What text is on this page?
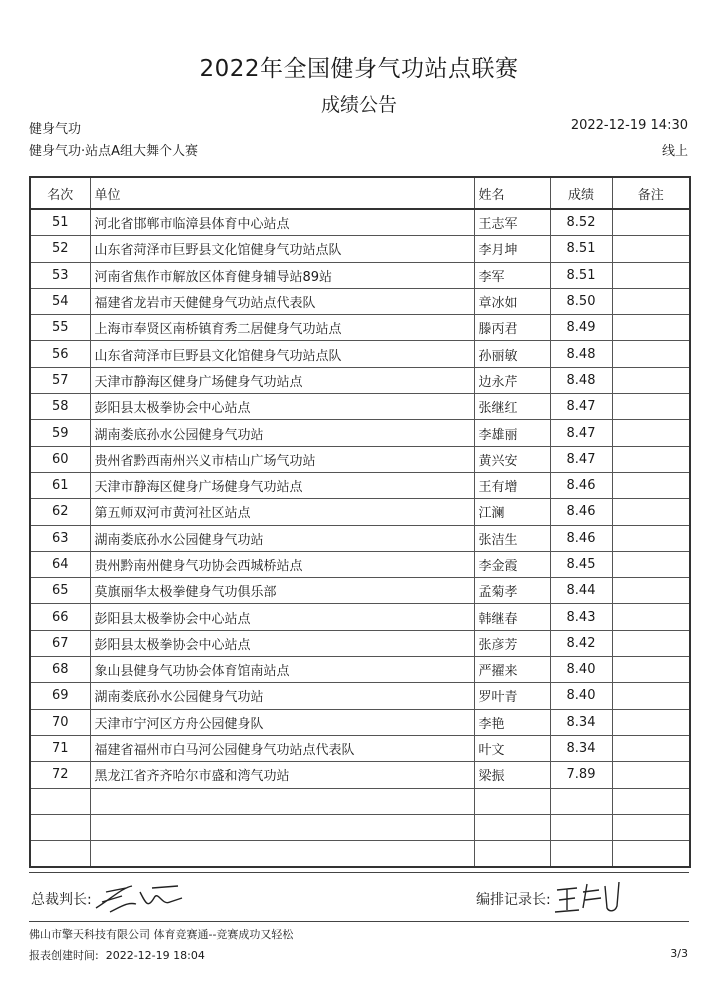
2022年全国健身气功站点联赛
成绩公告
健身气功	2022-12-19 14:30
健身气功·站点A组大舞个人赛	线上
名次	单位	姓名	成绩	备注
51	河北省邯郸市临漳县体育中心站点	王志军	8.52	
52	山东省菏泽市巨野县文化馆健身气功站点队	李月坤	8.51	
53	河南省焦作市解放区体育健身辅导站89站	李军	8.51	
54	福建省龙岩市天健健身气功站点代表队	章冰如	8.50	
55	上海市奉贤区南桥镇育秀二居健身气功站点	滕丙君	8.49	
56	山东省菏泽市巨野县文化馆健身气功站点队	孙丽敏	8.48	
57	天津市静海区健身广场健身气功站点	边永芹	8.48	
58	彭阳县太极拳协会中心站点	张继红	8.47	
59	湖南娄底孙水公园健身气功站	李雄丽	8.47	
60	贵州省黔西南州兴义市桔山广场气功站	黄兴安	8.47	
61	天津市静海区健身广场健身气功站点	王有增	8.46	
62	第五师双河市黄河社区站点	江澜	8.46	
63	湖南娄底孙水公园健身气功站	张洁生	8.46	
64	贵州黔南州健身气功协会西城桥站点	李金霞	8.45	
65	莫旗丽华太极拳健身气功俱乐部	孟菊孝	8.44	
66	彭阳县太极拳协会中心站点	韩继春	8.43	
67	彭阳县太极拳协会中心站点	张彦芳	8.42	
68	象山县健身气功协会体育馆南站点	严擢来	8.40	
69	湖南娄底孙水公园健身气功站	罗叶青	8.40	
70	天津市宁河区方舟公园健身队	李艳	8.34	
71	福建省福州市白马河公园健身气功站点代表队	叶文	8.34	
72	黑龙江省齐齐哈尔市盛和湾气功站	梁振	7.89	

总裁判长:	编排记录长:
佛山市擎天科技有限公司 体育竞赛通--竞赛成功又轻松
报表创建时间: 2022-12-19 18:04	3/3
